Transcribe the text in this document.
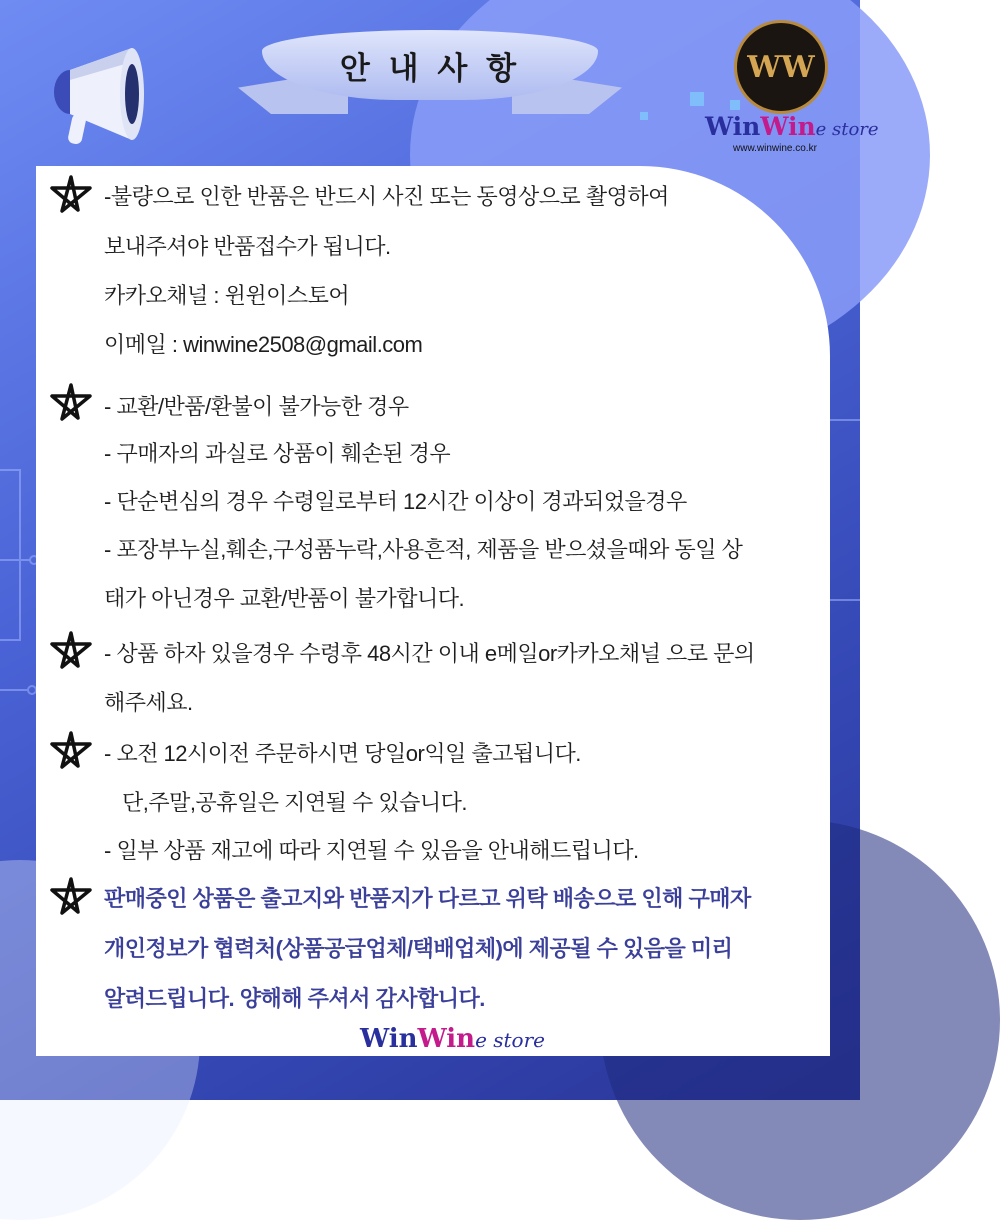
안 내 사 항	WW
WinWine store
www.winwine.co.kr
-불량으로 인한 반품은 반드시 사진 또는 동영상으로 촬영하여
보내주셔야 반품접수가 됩니다.
카카오채널 : 윈윈이스토어
이메일 : winwine2508@gmail.com
- 교환/반품/환불이 불가능한 경우
- 구매자의 과실로 상품이 훼손된 경우
- 단순변심의 경우 수령일로부터 12시간 이상이 경과되었을경우
- 포장부누실,훼손,구성품누락,사용흔적, 제품을 받으셨을때와 동일 상
태가 아닌경우 교환/반품이 불가합니다.
- 상품 하자 있을경우 수령후 48시간 이내 e메일or카카오채널 으로 문의
해주세요.
- 오전 12시이전 주문하시면 당일or익일 출고됩니다.
단,주말,공휴일은 지연될 수 있습니다.
- 일부 상품 재고에 따라 지연될 수 있음을 안내해드립니다.
판매중인 상품은 출고지와 반품지가 다르고 위탁 배송으로 인해 구매자
개인정보가 협력처(상품공급업체/택배업체)에 제공될 수 있음을 미리
알려드립니다. 양해해 주셔서 감사합니다.
WinWine store
